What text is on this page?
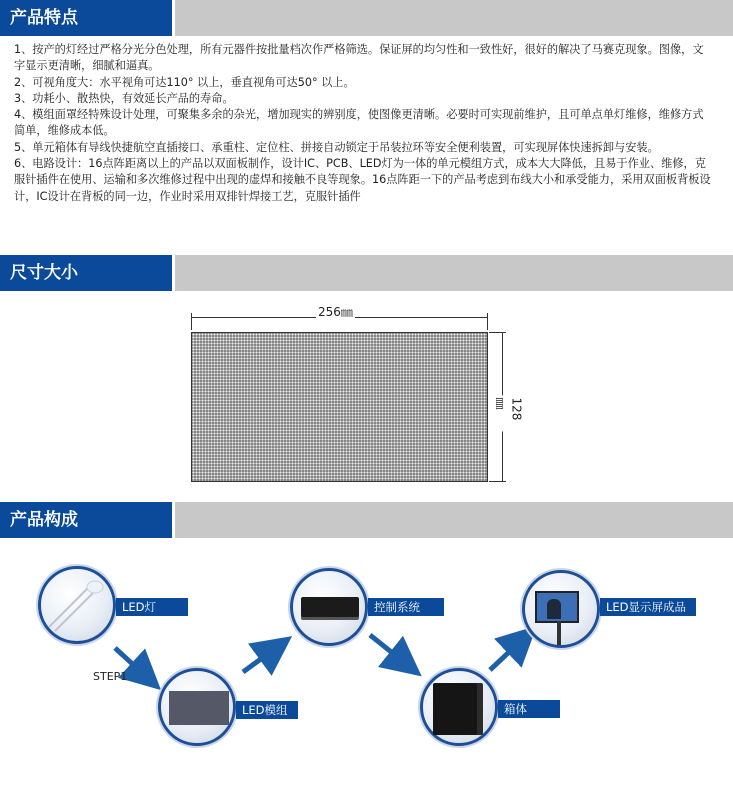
产品特点

1、按产的灯经过严格分光分色处理，所有元器件按批量档次作严格筛选。保证屏的均匀性和一致性好，很好的解决了马赛克现象。图像，文字显示更清晰，细腻和逼真。

2、可视角度大：水平视角可达110° 以上，垂直视角可达50° 以上。

3、功耗小、散热快，有效延长产品的寿命。

4、模组面罩经特殊设计处理，可聚集多余的杂光，增加现实的辨别度，使图像更清晰。必要时可实现前维护，且可单点单灯维修，维修方式简单，维修成本低。

5、单元箱体有导线快捷航空直插接口、承重柱、定位柱、拼接自动锁定于吊装拉环等安全便利装置，可实现屏体快速拆卸与安装。

6、电路设计：16点阵距离以上的产品以双面板制作，设计IC、PCB、LED灯为一体的单元模组方式，成本大大降低，且易于作业、维修，克服针插件在使用、运输和多次维修过程中出现的虚焊和接触不良等现象。16点阵距一下的产品考虑到布线大小和承受能力，采用双面板背板设计，IC设计在背板的同一边，作业时采用双排针焊接工艺，克服针插件

尺寸大小
256㎜
128㎜
产品构成
LED灯
LED模组
STEP1
控制系统
箱体
LED显示屏成品
